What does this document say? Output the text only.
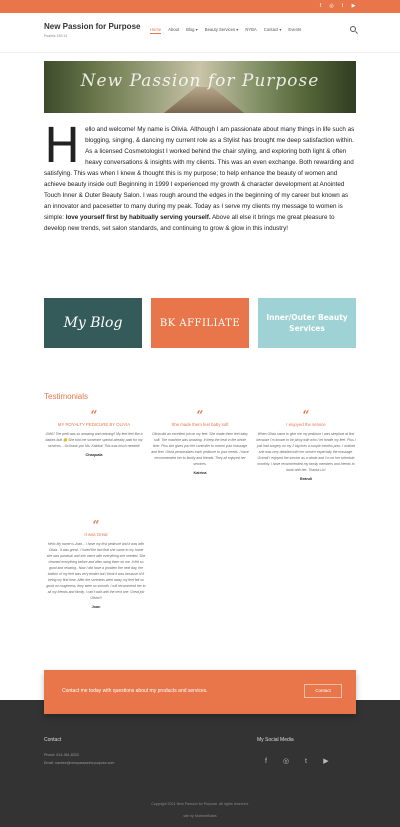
f	◎	t	▶
New Passion for Purpose
Psalms 139:14
Home About Blog ▾ Beauty Services ▾ NYBA Contact ▾ Events
New Passion for Purpose
Hello and welcome! My name is Olivia. Although I am passionate about many things in life such as blogging, singing, & dancing my current role as a Stylist has brought me deep satisfaction within. As a licensed Cosmetologist I worked behind the chair styling, and exploring both light & often heavy conversations & insights with my clients. This was an even exchange. Both rewarding and satisfying. This was when I knew & thought this is my purpose; to help enhance the beauty of women and achieve beauty inside out! Beginning in 1999 I experienced my growth & character development at Anointed Touch Inner & Outer Beauty Salon. I was rough around the edges in the beginning of my career but known as an innovator and pacesetter to many during my peak. Today as I serve my clients my message to women is simple: love yourself first by habitually serving yourself. Above all else it brings me great pleasure to develop new trends, set salon standards, and continuing to grow & glow in this industry!
My Blog	BK AFFILIATE	Inner/Outer Beauty Services
Testimonials
“
MY ROYALTY PEDICURE BY OLIVIA
OMG! The pedi was so amazing and relaxing!! My feet feel like a babies butt 😊 She told me someone special already paid for my services....So thank you Ms. Katrina! This was much needed!
Chaquala
“
She made them feel baby soft
Olivia did an excellent job on my feet. She made them feel baby soft. The machine was amazing. It keep the heat in the whole time. Plus she gives you the controller to control your massage and feet. Olivia personalizes each pedicure to your needs. I have recommended her to family and friends. They all enjoyed her services.
Katrina
“
I enjoyed the service
When Olivia came to give me my pedicure I was skeptical at first because I'm known to be picky with who I let fondle my feet. Plus I just had surgery on my 2 big toes a couple months prior. I noticed she was very detailed with her service especially the massage. Overall I enjoyed the service as a whole and I'm on her schedule monthly. I have recommended my family members and friends to book with her. Thanks Liv!
Brandi
“
It was Great
Hello My name is Joan... I have my first pedicure and it was with Olivia.. It was great.. I loved the fact that she came to my home she was punctual and she came with everything she needed. She cleaned everything before and after using them on me. It felt so good and relaxing.. Now I did have a problem the next day, the bottom of my feet was very tender but I think it was because of it being my first time. After the soreness went away my feet felt so good no roughness, they were so smooth. I will recommend her to all my friends and family, I can't wait until the next one. Great job Olivia!!!
Joan
Contact
Phone: 614-361-8333
Email: nazbee@newpassionforpurpose.com
My Social Media
f	◎	t	▶
Copyright 2021 New Passion for Purpose. All rights reserved.
site by MarinettSales
Contact me today with questions about my products and services.	Contact
